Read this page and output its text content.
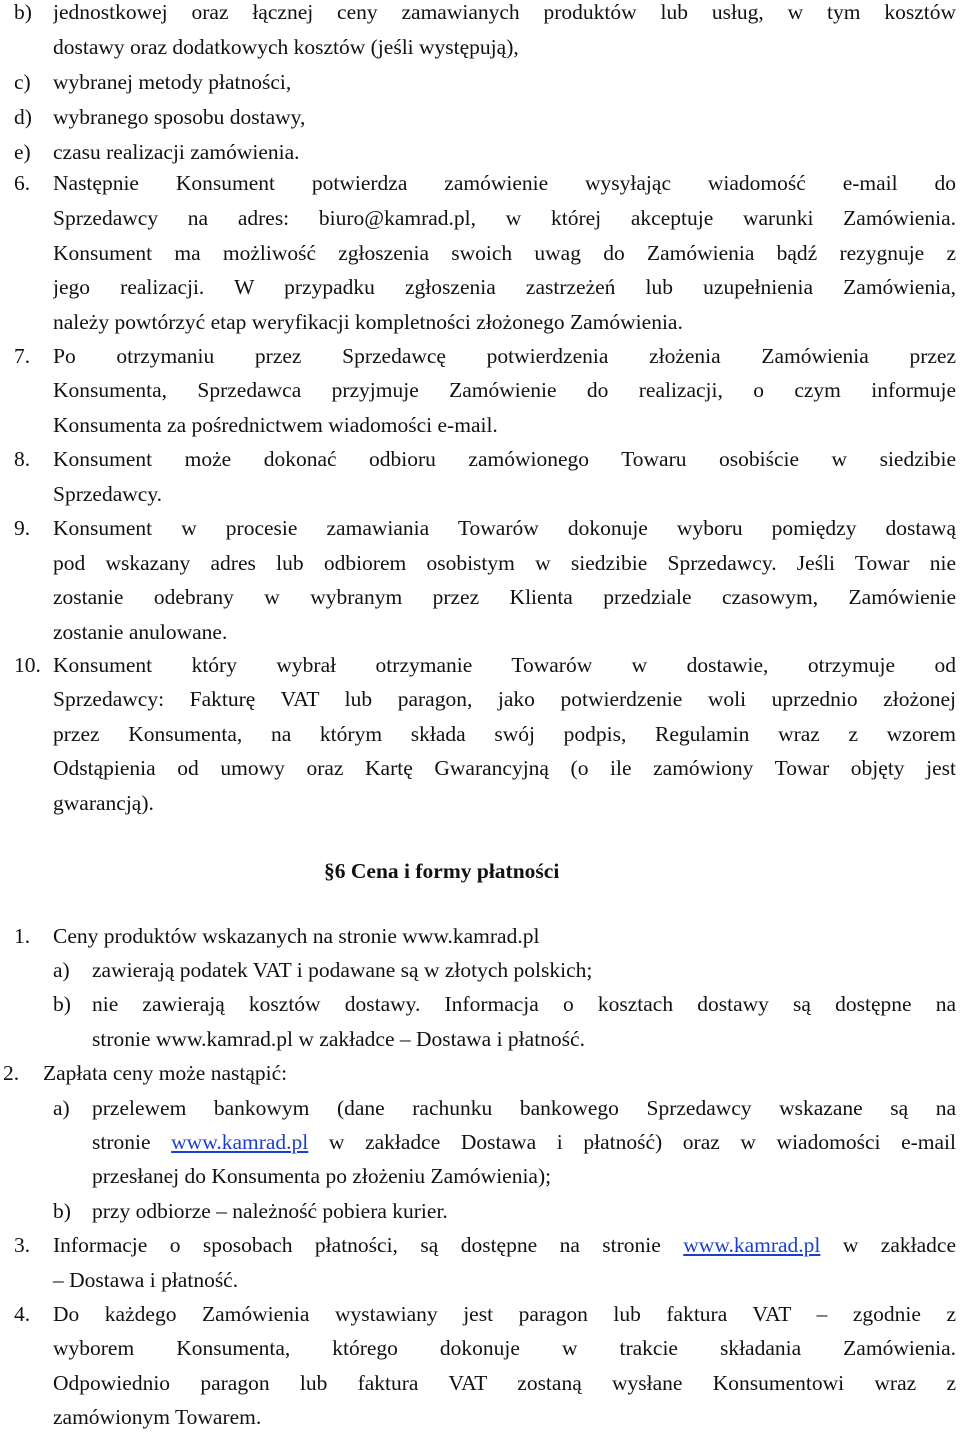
b) jednostkowej oraz łącznej ceny zamawianych produktów lub usług, w tym kosztów
dostawy oraz dodatkowych kosztów (jeśli występują),
c) wybranej metody płatności,
d) wybranego sposobu dostawy,
e) czasu realizacji zamówienia.
6. Następnie Konsument potwierdza zamówienie wysyłając wiadomość e-mail do
Sprzedawcy na adres: biuro@kamrad.pl, w której akceptuje warunki Zamówienia.
Konsument ma możliwość zgłoszenia swoich uwag do Zamówienia bądź rezygnuje z
jego realizacji. W przypadku zgłoszenia zastrzeżeń lub uzupełnienia Zamówienia,
należy powtórzyć etap weryfikacji kompletności złożonego Zamówienia.
7. Po otrzymaniu przez Sprzedawcę potwierdzenia złożenia Zamówienia przez
Konsumenta, Sprzedawca przyjmuje Zamówienie do realizacji, o czym informuje
Konsumenta za pośrednictwem wiadomości e-mail.
8. Konsument może dokonać odbioru zamówionego Towaru osobiście w siedzibie
Sprzedawcy.
9. Konsument w procesie zamawiania Towarów dokonuje wyboru pomiędzy dostawą
pod wskazany adres lub odbiorem osobistym w siedzibie Sprzedawcy. Jeśli Towar nie
zostanie odebrany w wybranym przez Klienta przedziale czasowym, Zamówienie
zostanie anulowane.
10. Konsument który wybrał otrzymanie Towarów w dostawie, otrzymuje od
Sprzedawcy: Fakturę VAT lub paragon, jako potwierdzenie woli uprzednio złożonej
przez Konsumenta, na którym składa swój podpis, Regulamin wraz z wzorem
Odstąpienia od umowy oraz Kartę Gwarancyjną (o ile zamówiony Towar objęty jest
gwarancją).
§6 Cena i formy płatności
1. Ceny produktów wskazanych na stronie www.kamrad.pl
a) zawierają podatek VAT i podawane są w złotych polskich;
b) nie zawierają kosztów dostawy. Informacja o kosztach dostawy są dostępne na
stronie www.kamrad.pl w zakładce – Dostawa i płatność.
2. Zapłata ceny może nastąpić:
a) przelewem bankowym (dane rachunku bankowego Sprzedawcy wskazane są na
stronie www.kamrad.pl w zakładce Dostawa i płatność) oraz w wiadomości e-mail
przesłanej do Konsumenta po złożeniu Zamówienia);
b) przy odbiorze – należność pobiera kurier.
3. Informacje o sposobach płatności, są dostępne na stronie www.kamrad.pl w zakładce
– Dostawa i płatność.
4. Do każdego Zamówienia wystawiany jest paragon lub faktura VAT – zgodnie z
wyborem Konsumenta, którego dokonuje w trakcie składania Zamówienia.
Odpowiednio paragon lub faktura VAT zostaną wysłane Konsumentowi wraz z
zamówionym Towarem.
